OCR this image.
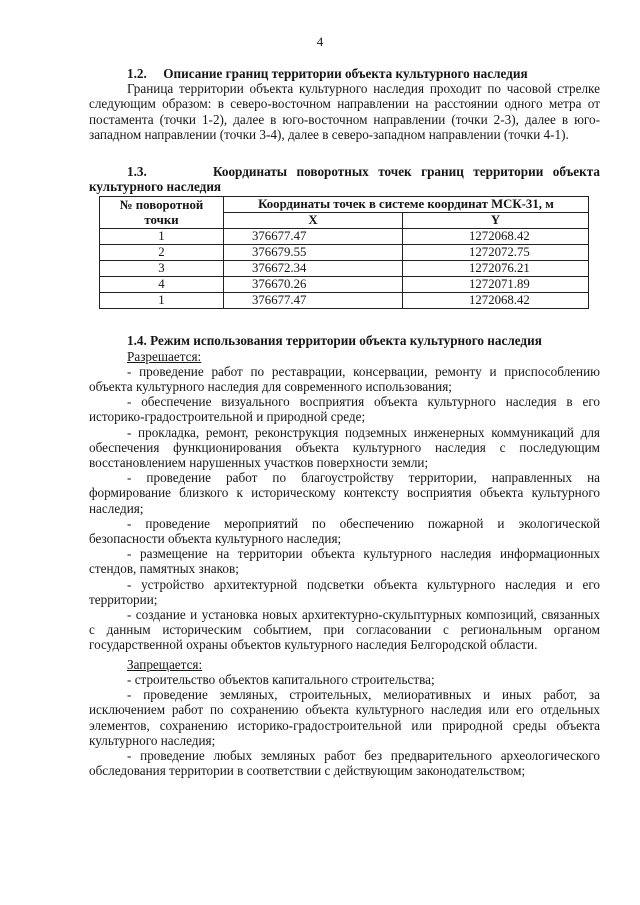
4

1.2. Описание границ территории объекта культурного наследия

Граница территории объекта культурного наследия проходит по часовой стрелке следующим образом: в северо-восточном направлении на расстоянии одного метра от постамента (точки 1-2), далее в юго-восточном направлении (точки 2-3), далее в юго-западном направлении (точки 3-4), далее в северо-западном направлении (точки 4-1).

1.3.	Координаты поворотных точек границ территории объекта культурного наследия

№ поворотной точки	Координаты точек в системе координат МСК-31, м	
	X	Y
1	376677.47	1272068.42
2	376679.55	1272072.75
3	376672.34	1272076.21
4	376670.26	1272071.89
1	376677.47	1272068.42

1.4. Режим использования территории объекта культурного наследия

Разрешается:

- проведение работ по реставрации, консервации, ремонту и приспособлению объекта культурного наследия для современного использования;

- обеспечение визуального восприятия объекта культурного наследия в его историко-градостроительной и природной среде;

- прокладка, ремонт, реконструкция подземных инженерных коммуникаций для обеспечения функционирования объекта культурного наследия с последующим восстановлением нарушенных участков поверхности земли;

- проведение работ по благоустройству территории, направленных на формирование близкого к историческому контексту восприятия объекта культурного наследия;

- проведение мероприятий по обеспечению пожарной и экологической безопасности объекта культурного наследия;

- размещение на территории объекта культурного наследия информационных стендов, памятных знаков;

- устройство архитектурной подсветки объекта культурного наследия и его территории;

- создание и установка новых архитектурно-скульптурных композиций, связанных с данным историческим событием, при согласовании с региональным органом государственной охраны объектов культурного наследия Белгородской области.

Запрещается:

- строительство объектов капитального строительства;

- проведение земляных, строительных, мелиоративных и иных работ, за исключением работ по сохранению объекта культурного наследия или его отдельных элементов, сохранению историко-градостроительной или природной среды объекта культурного наследия;

- проведение любых земляных работ без предварительного археологического обследования территории в соответствии с действующим законодательством;
